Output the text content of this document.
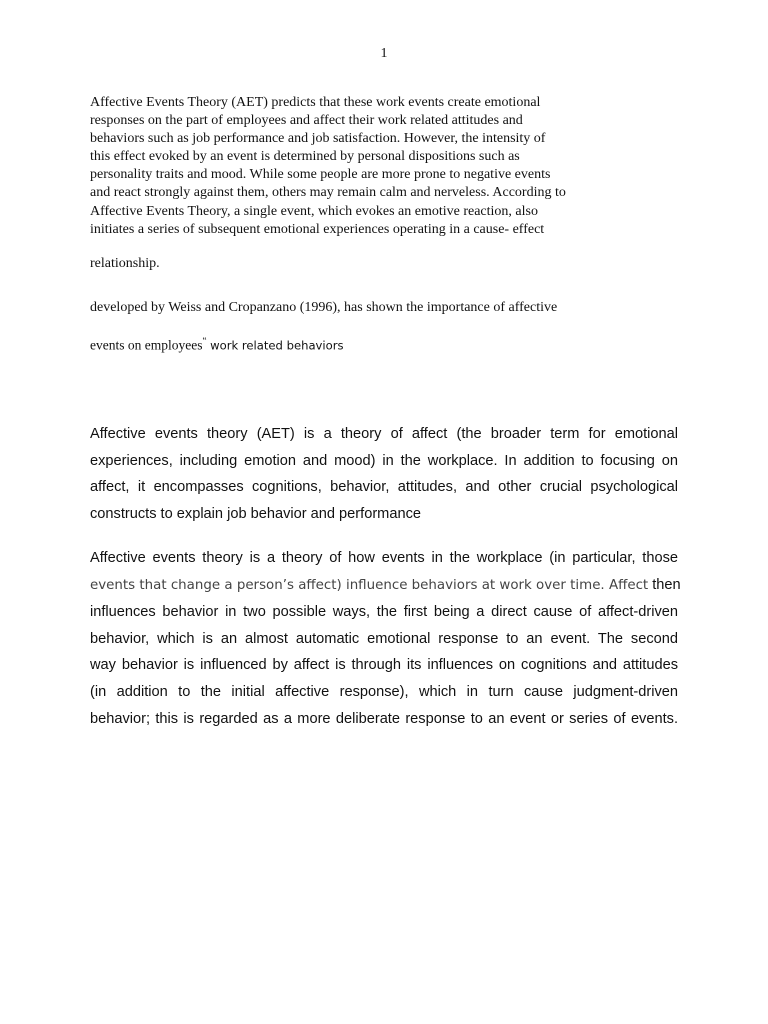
1
Affective Events Theory (AET) predicts that these work events create emotional
responses on the part of employees and affect their work related attitudes and
behaviors such as job performance and job satisfaction. However, the intensity of
this effect evoked by an event is determined by personal dispositions such as
personality traits and mood. While some people are more prone to negative events
and react strongly against them, others may remain calm and nerveless. According to
Affective Events Theory, a single event, which evokes an emotive reaction, also
initiates a series of subsequent emotional experiences operating in a cause- effect
relationship.
developed by Weiss and Cropanzano (1996), has shown the importance of affective
events on employees‟ work related behaviors
Affective events theory (AET) is a theory of affect (the broader term for emotional
experiences, including emotion and mood) in the workplace. In addition to focusing on
affect, it encompasses cognitions, behavior, attitudes, and other crucial psychological
constructs to explain job behavior and performance
Affective events theory is a theory of how events in the workplace (in particular, those
events that change a person’s affect) influence behaviors at work over time. Affect then
influences behavior in two possible ways, the first being a direct cause of affect-driven
behavior, which is an almost automatic emotional response to an event. The second
way behavior is influenced by affect is through its influences on cognitions and attitudes
(in addition to the initial affective response), which in turn cause judgment-driven
behavior; this is regarded as a more deliberate response to an event or series of events.
